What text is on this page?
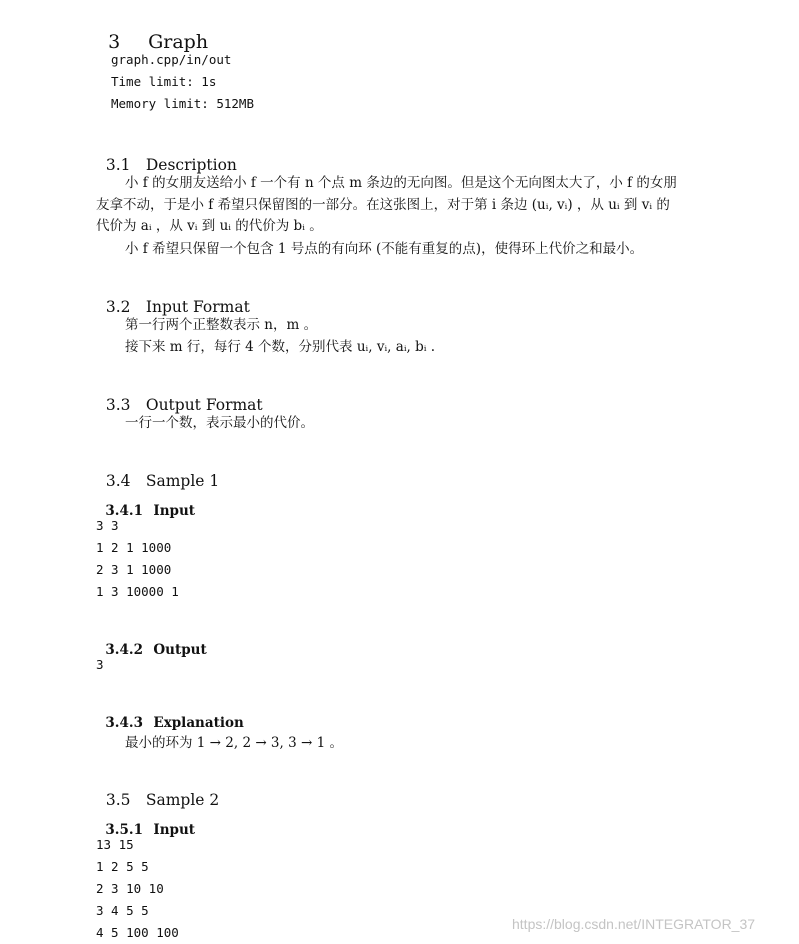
3 Graph

graph.cpp/in/out
Time limit: 1s
Memory limit: 512MB

3.1 Description

小 f 的女朋友送给小 f 一个有 n 个点 m 条边的无向图。但是这个无向图太大了，小 f 的女朋
友拿不动，于是小 f 希望只保留图的一部分。在这张图上，对于第 i 条边 (uᵢ, vᵢ) ，从 uᵢ 到 vᵢ 的
代价为 aᵢ ，从 vᵢ 到 uᵢ 的代价为 bᵢ 。
小 f 希望只保留一个包含 1 号点的有向环 (不能有重复的点)，使得环上代价之和最小。

3.2 Input Format

第一行两个正整数表示 n，m 。
接下来 m 行，每行 4 个数，分别代表 uᵢ, vᵢ, aᵢ, bᵢ .

3.3 Output Format

一行一个数，表示最小的代价。

3.4 Sample 1

3.4.1 Input

3 3
1 2 1 1000
2 3 1 1000
1 3 10000 1

3.4.2 Output

3

3.4.3 Explanation

最小的环为 1 → 2, 2 → 3, 3 → 1 。

3.5 Sample 2

3.5.1 Input

13 15
1 2 5 5
2 3 10 10
3 4 5 5
4 5 100 100
https://blog.csdn.net/INTEGRATOR_37
